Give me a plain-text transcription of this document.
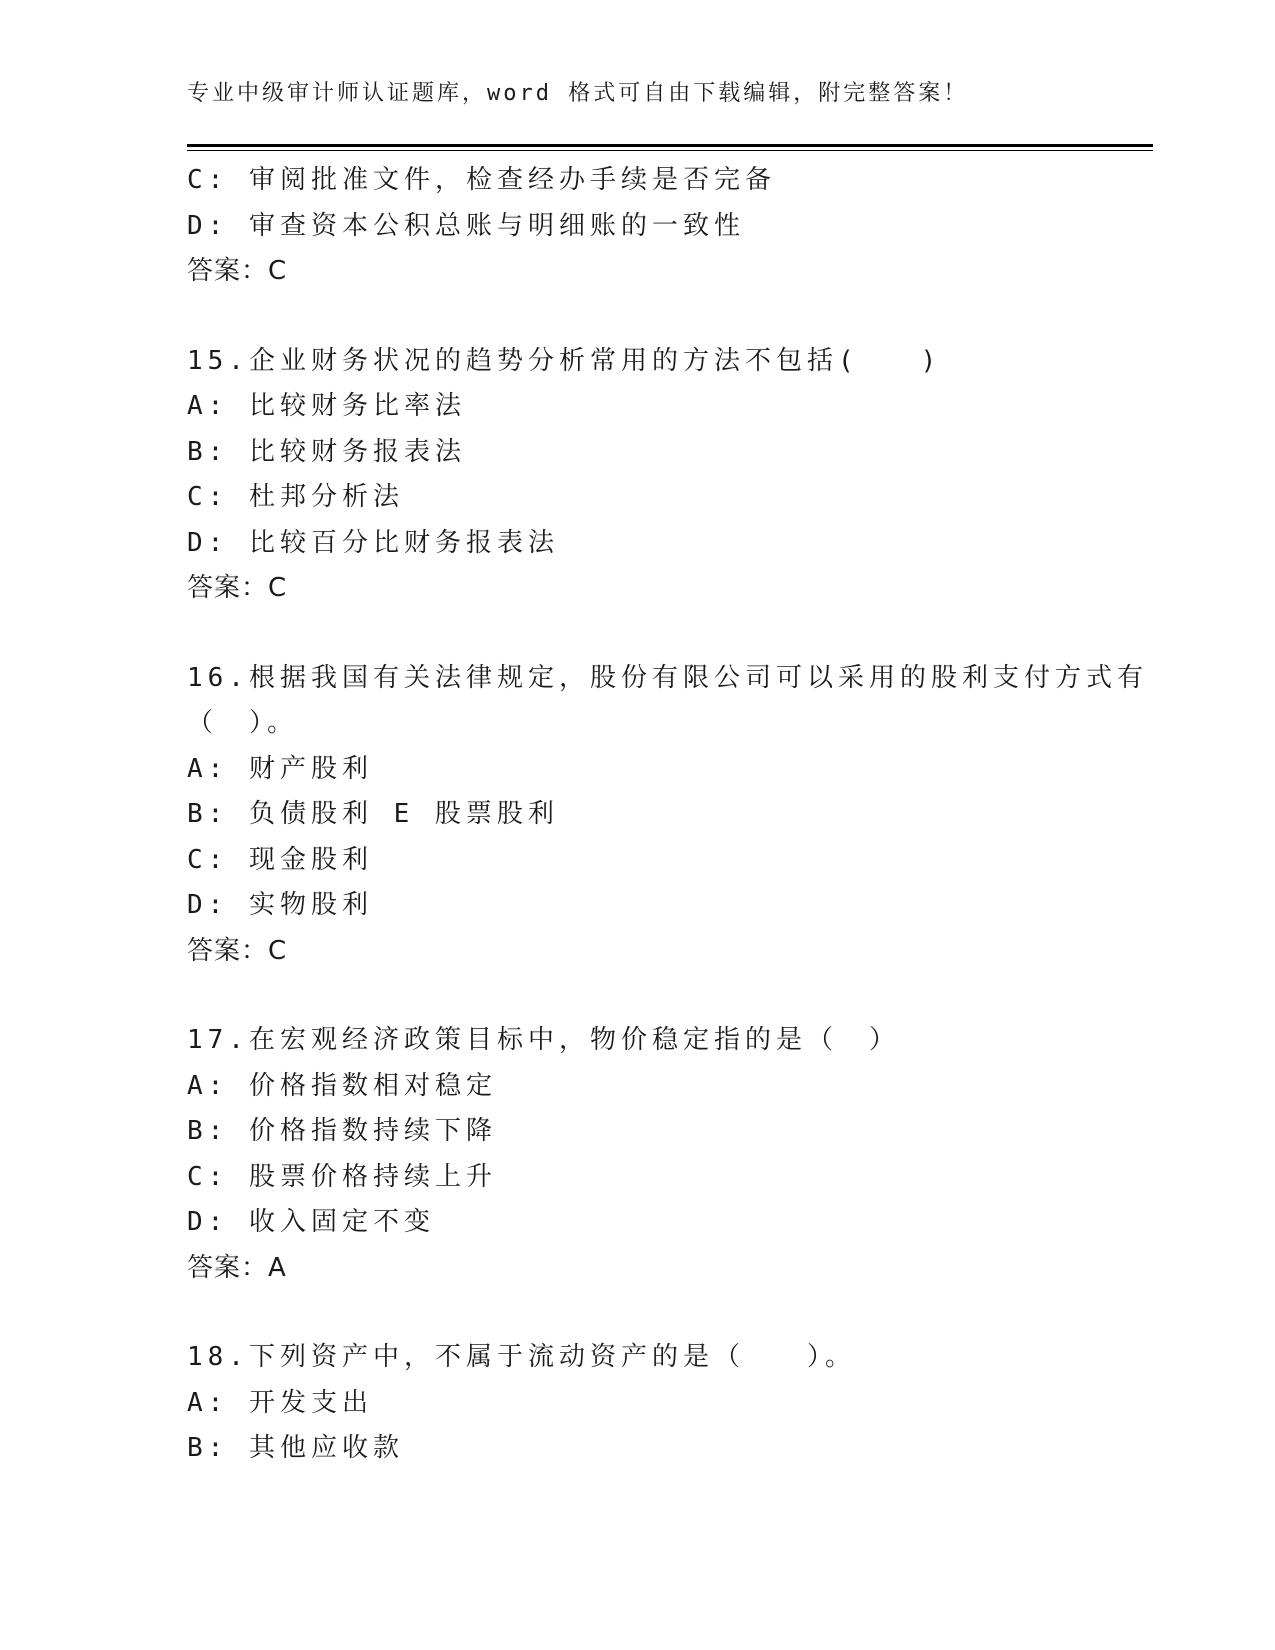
专业中级审计师认证题库，word 格式可自由下载编辑，附完整答案！
C: 审阅批准文件，检查经办手续是否完备
D: 审查资本公积总账与明细账的一致性
答案：C
15.企业财务状况的趋势分析常用的方法不包括(　　)
A: 比较财务比率法
B: 比较财务报表法
C: 杜邦分析法
D: 比较百分比财务报表法
答案：C
16.根据我国有关法律规定，股份有限公司可以采用的股利支付方式有
（　）。
A: 财产股利
B: 负债股利 E 股票股利
C: 现金股利
D: 实物股利
答案：C
17.在宏观经济政策目标中，物价稳定指的是（　）
A: 价格指数相对稳定
B: 价格指数持续下降
C: 股票价格持续上升
D: 收入固定不变
答案：A
18.下列资产中，不属于流动资产的是（　　）。
A: 开发支出
B: 其他应收款
